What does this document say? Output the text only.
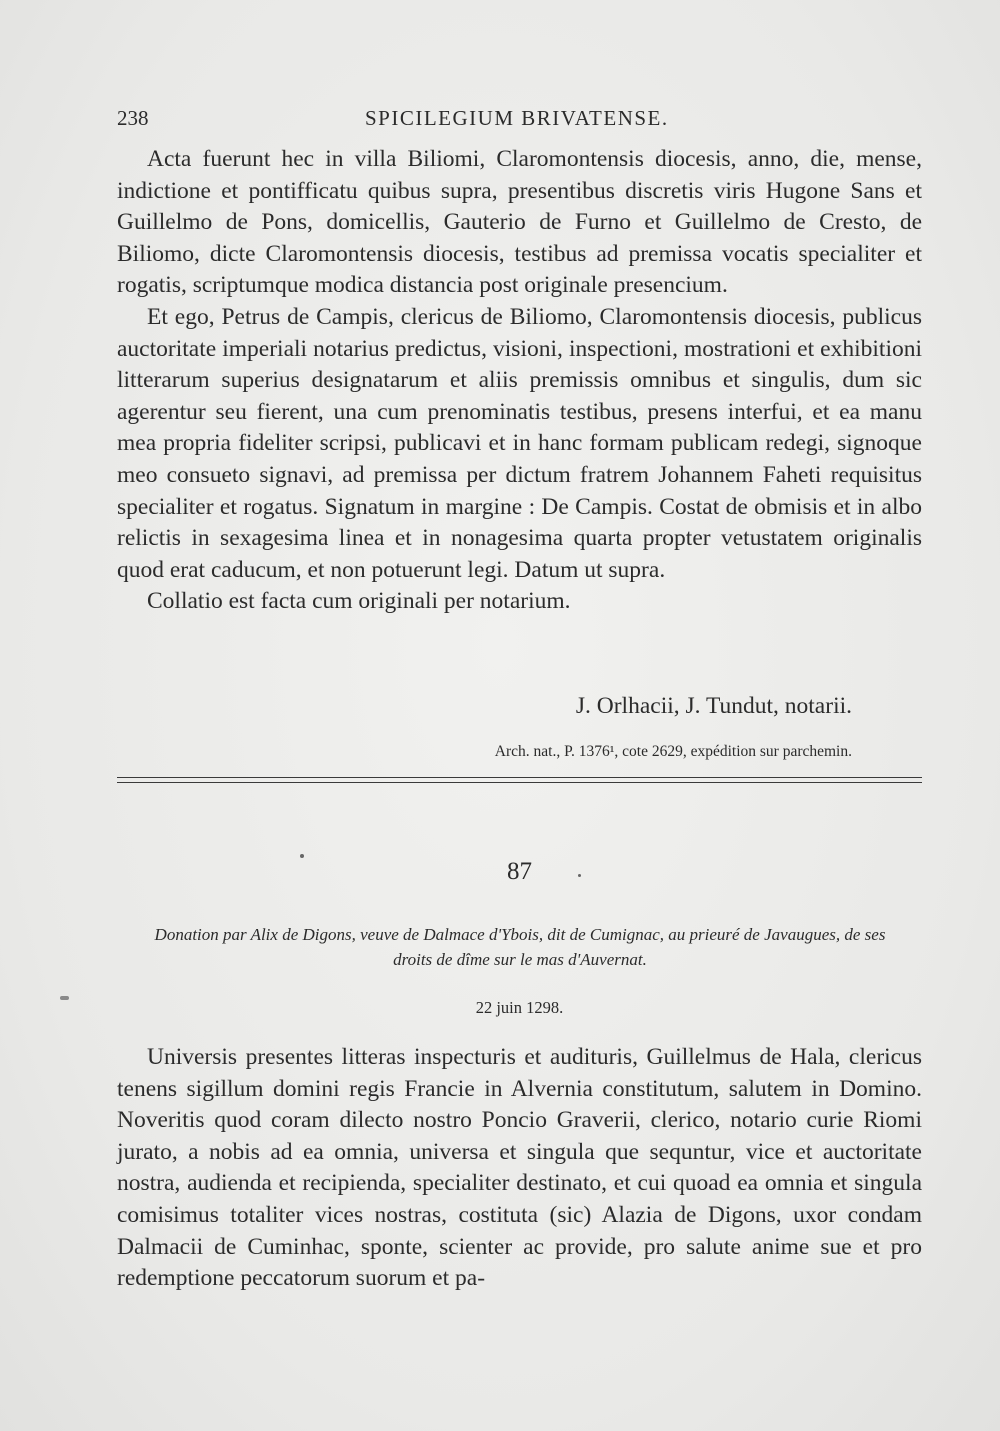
238	SPICILEGIUM BRIVATENSE.

Acta fuerunt hec in villa Biliomi, Claromontensis diocesis, anno, die, mense, indictione et pontifficatu quibus supra, presentibus discretis viris Hugone Sans et Guillelmo de Pons, domicellis, Gauterio de Furno et Guillelmo de Cresto, de Biliomo, dicte Claromontensis diocesis, testibus ad premissa vocatis specialiter et rogatis, scriptumque modica distancia post originale presencium.

Et ego, Petrus de Campis, clericus de Biliomo, Claromontensis diocesis, publicus auctoritate imperiali notarius predictus, visioni, inspectioni, mostrationi et exhibitioni litterarum superius designatarum et aliis premissis omnibus et singulis, dum sic agerentur seu fierent, una cum prenominatis testibus, presens interfui, et ea manu mea propria fideliter scripsi, publicavi et in hanc formam publicam redegi, signoque meo consueto signavi, ad premissa per dictum fratrem Johannem Faheti requisitus specialiter et rogatus. Signatum in margine : De Campis. Costat de obmisis et in albo relictis in sexagesima linea et in nonagesima quarta propter vetustatem originalis quod erat caducum, et non potuerunt legi. Datum ut supra.

Collatio est facta cum originali per notarium.

J. Orlhacii, J. Tundut, notarii.
Arch. nat., P. 1376¹, cote 2629, expédition sur parchemin.
87
Donation par Alix de Digons, veuve de Dalmace d'Ybois, dit de Cumignac, au prieuré de Javaugues, de ses droits de dîme sur le mas d'Auvernat.
22 juin 1298.

Universis presentes litteras inspecturis et audituris, Guillelmus de Hala, clericus tenens sigillum domini regis Francie in Alvernia constitutum, salutem in Domino. Noveritis quod coram dilecto nostro Poncio Graverii, clerico, notario curie Riomi jurato, a nobis ad ea omnia, universa et singula que sequntur, vice et auctoritate nostra, audienda et recipienda, specialiter destinato, et cui quoad ea omnia et singula comisimus totaliter vices nostras, costituta (sic) Alazia de Digons, uxor condam Dalmacii de Cuminhac, sponte, scienter ac provide, pro salute anime sue et pro redemptione peccatorum suorum et pa-
